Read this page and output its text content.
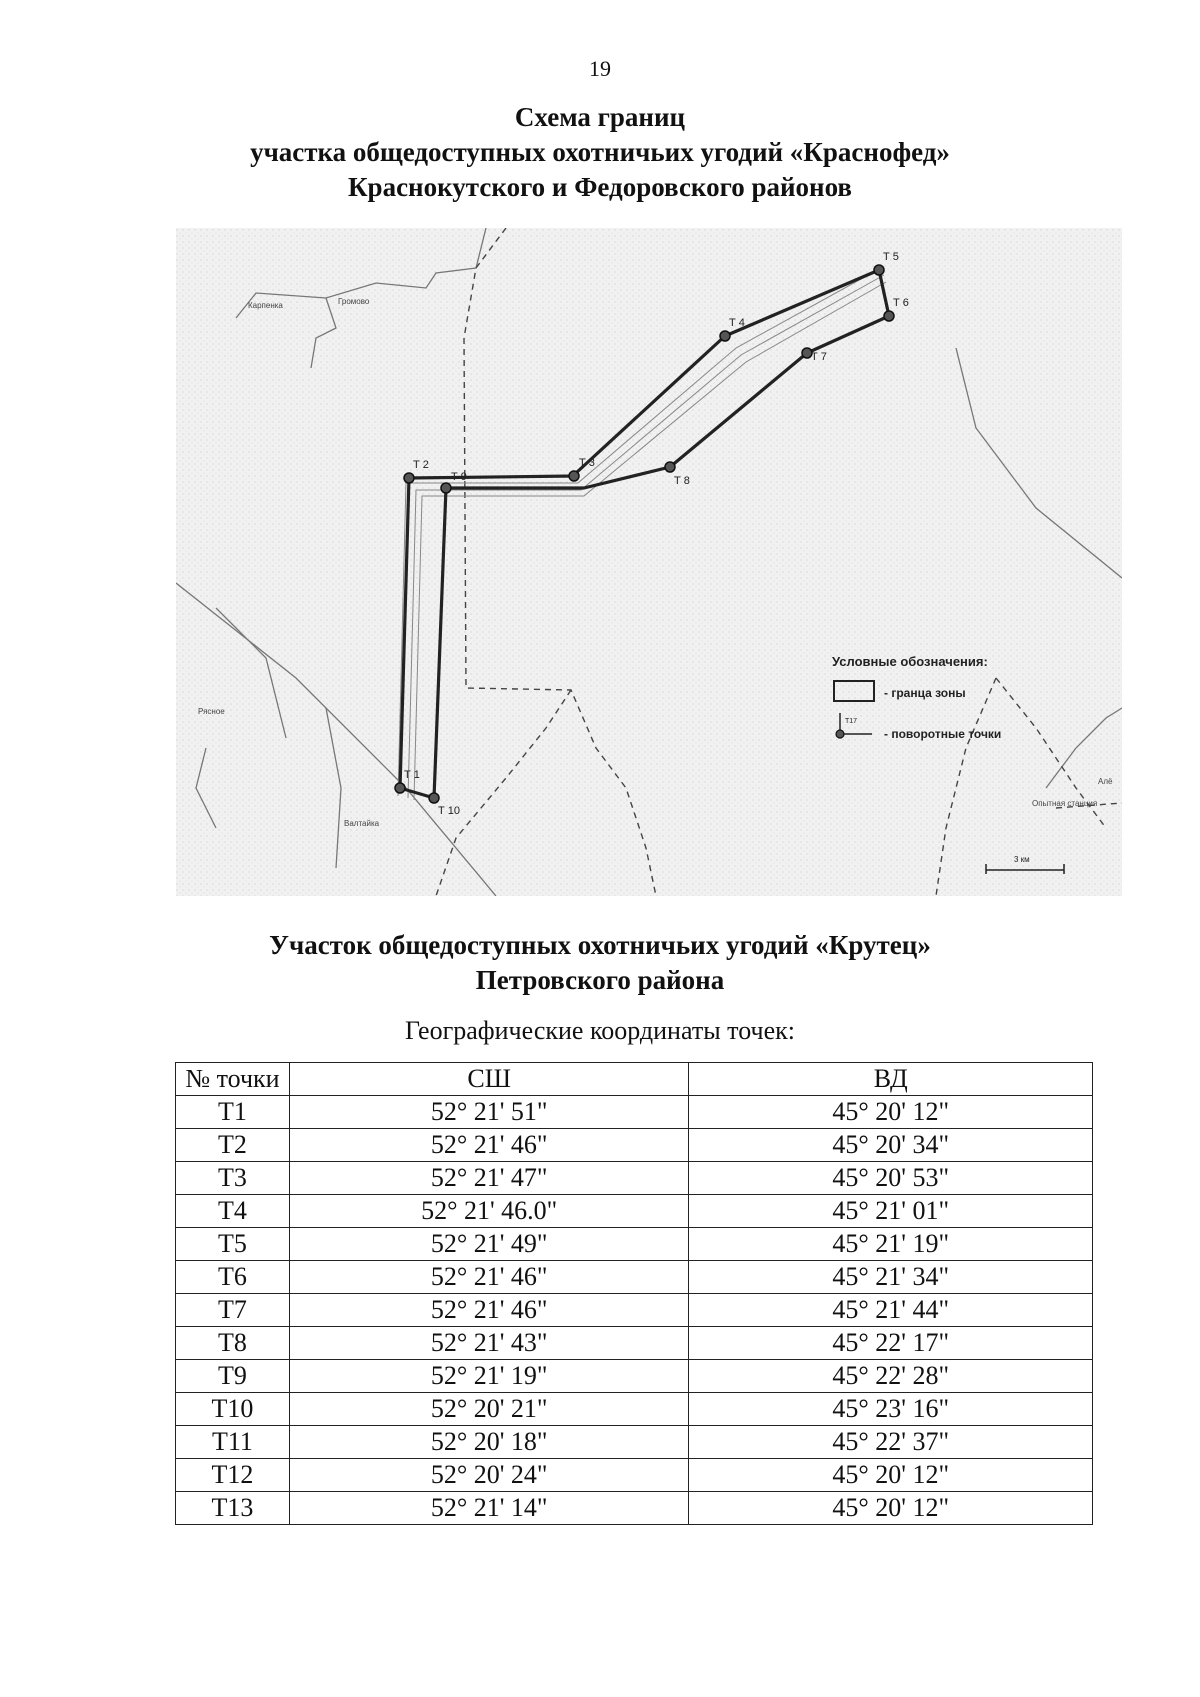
19
Схема границ
участка общедоступных охотничьих угодий «Краснофед»
Краснокутского и Федоровского районов
Т 1
Т 2	Т 3
Т 4
Т 5
Т 6
Т 7
Т 8
Т 9
Т 10
Карпенка	Громово
Рясное
Валтайка
Алё
Опытная станция
Условные обозначения:
- гранца зоны
Т17
- поворотные точки
3 км
Участок общедоступных охотничьих угодий «Крутец»
Петровского района
Географические координаты точек:
№ точки	СШ	ВД
Т1	52° 21' 51"	45° 20' 12"
Т2	52° 21' 46"	45° 20' 34"
Т3	52° 21' 47"	45° 20' 53"
Т4	52° 21' 46.0"	45° 21' 01"
Т5	52° 21' 49"	45° 21' 19"
Т6	52° 21' 46"	45° 21' 34"
Т7	52° 21' 46"	45° 21' 44"
Т8	52° 21' 43"	45° 22' 17"
Т9	52° 21' 19"	45° 22' 28"
Т10	52° 20' 21"	45° 23' 16"
Т11	52° 20' 18"	45° 22' 37"
Т12	52° 20' 24"	45° 20' 12"
Т13	52° 21' 14"	45° 20' 12"
